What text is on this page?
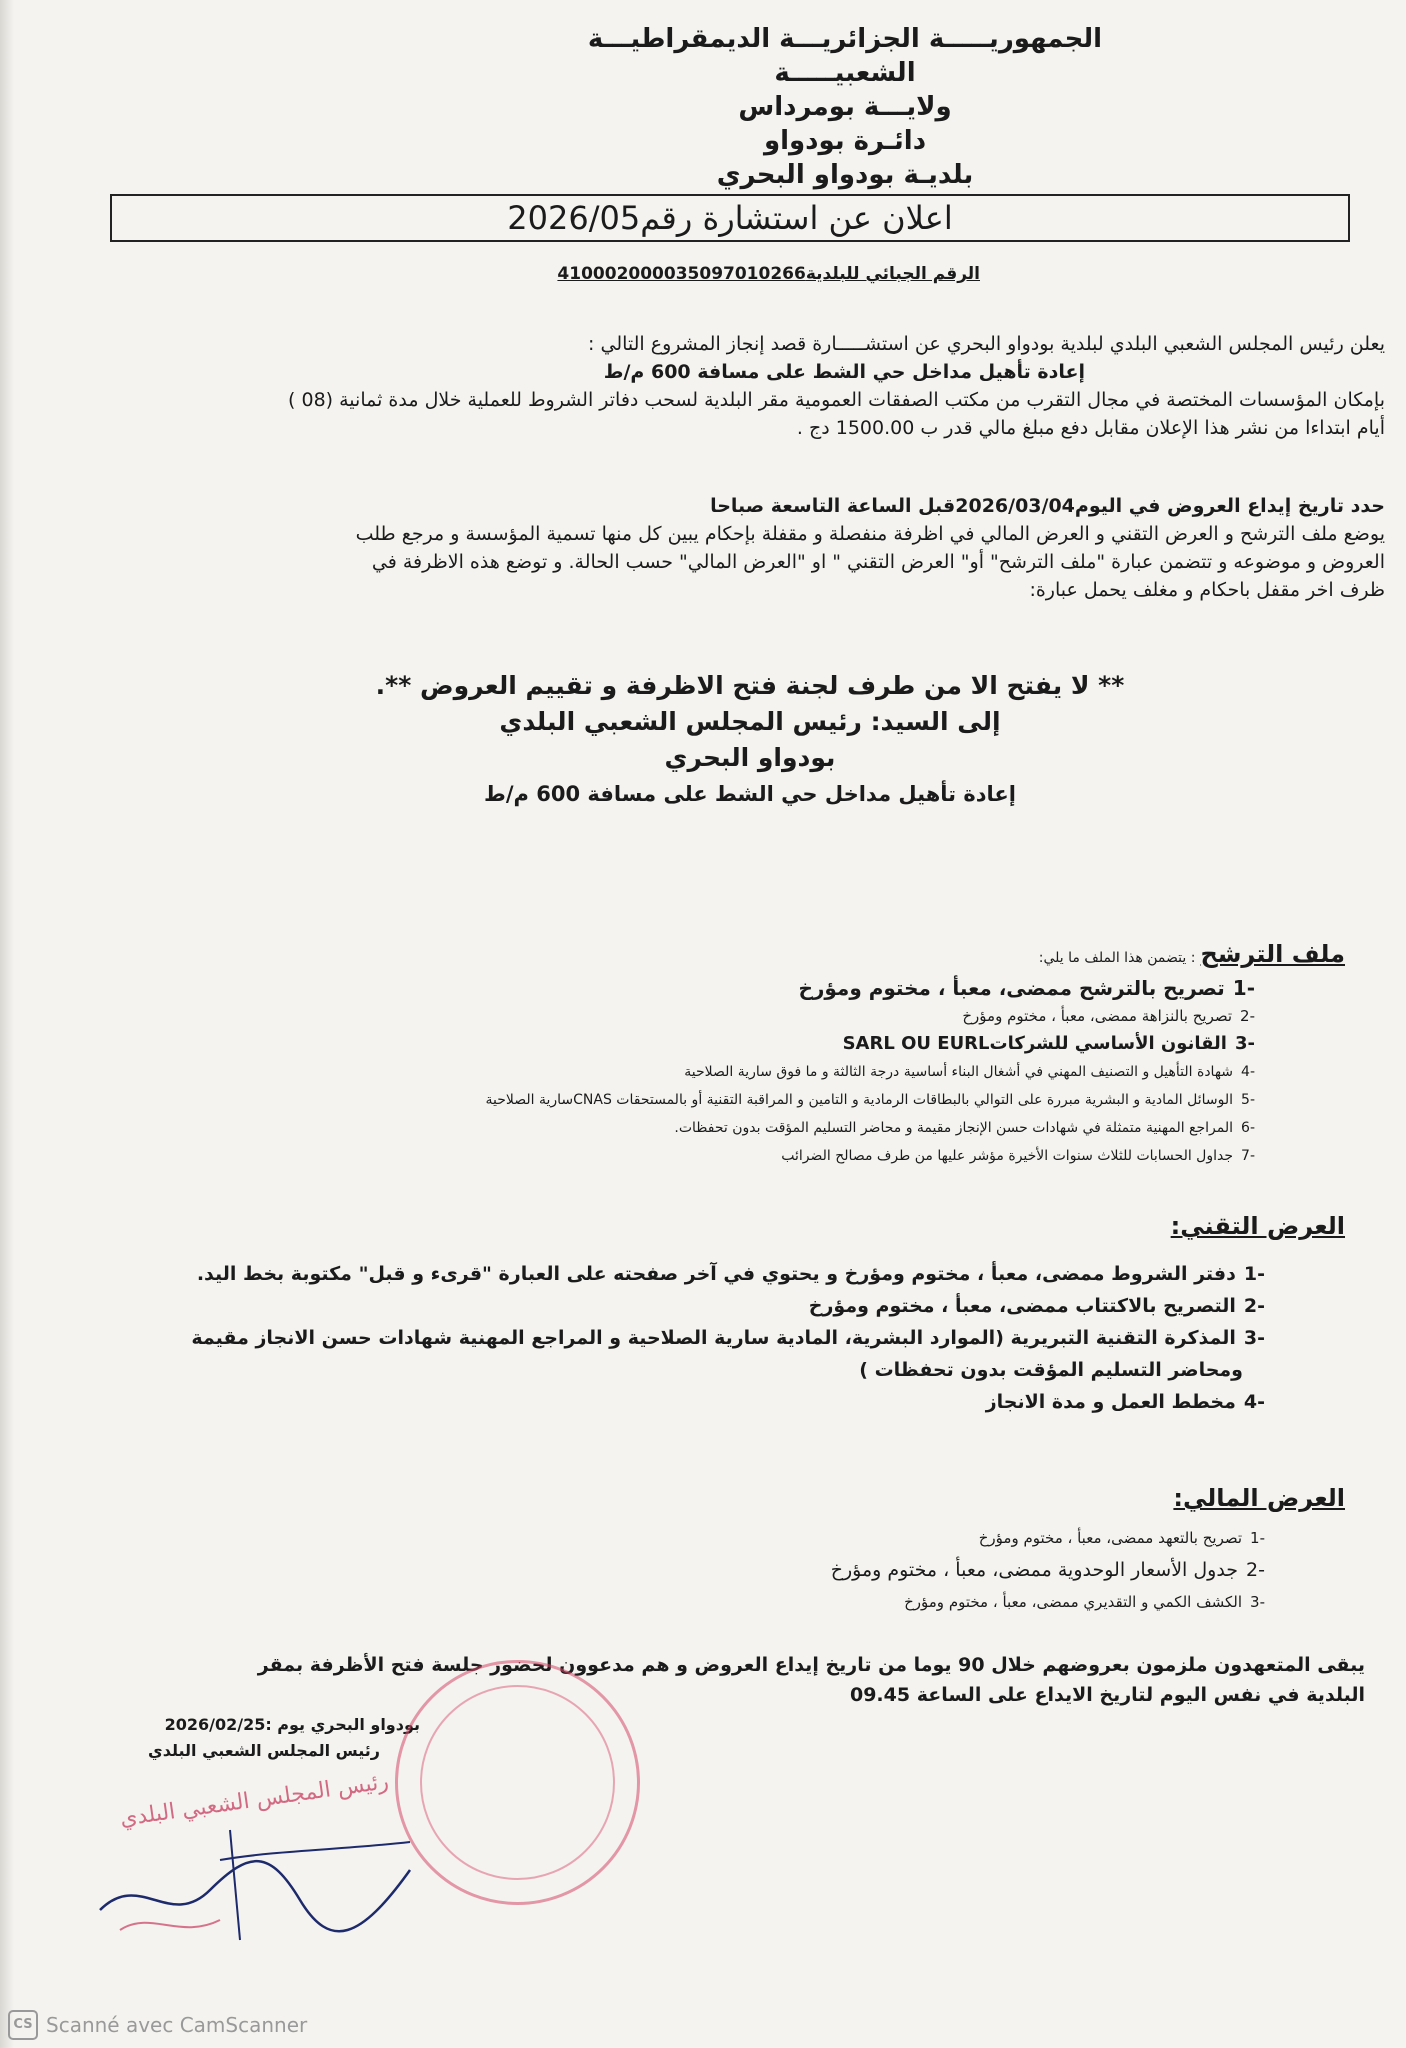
الجمهوريـــــة الجزائريـــة الديمقراطيـــة الشعبيـــــة
ولايـــة بومرداس
دائـرة بودواو
بلديـة بودواو البحري
اعلان عن استشارة رقم2026/05
الرقم الجبائي للبلدية410002000035097010266
يعلن رئيس المجلس الشعبي البلدي لبلدية بودواو البحري عن استشـــــارة قصد إنجاز المشروع التالي :
إعادة تأهيل مداخل حي الشط على مسافة 600 م/ط
بإمكان المؤسسات المختصة في مجال التقرب من مكتب الصفقات العمومية مقر البلدية لسحب دفاتر الشروط للعملية خلال مدة ثمانية (08 )
أيام ابتداءا من نشر هذا الإعلان مقابل دفع مبلغ مالي قدر ب 1500.00 دج .
حدد تاريخ إيداع العروض في اليوم2026/03/04قبل الساعة التاسعة صباحا
يوضع ملف الترشح و العرض التقني و العرض المالي في اظرفة منفصلة و مقفلة بإحكام يبين كل منها تسمية المؤسسة و مرجع طلب
العروض و موضوعه و تتضمن عبارة "ملف الترشح" أو" العرض التقني " او "العرض المالي" حسب الحالة. و توضع هذه الاظرفة في
ظرف اخر مقفل باحكام و مغلف يحمل عبارة:
** لا يفتح الا من طرف لجنة فتح الاظرفة و تقييم العروض **.
إلى السيد: رئيس المجلس الشعبي البلدي
بودواو البحري
إعادة تأهيل مداخل حي الشط على مسافة 600 م/ط
ملف الترشح : يتضمن هذا الملف ما يلي:
-1تصريح بالترشح ممضى، معبأ ، مختوم ومؤرخ
-2تصريح بالنزاهة ممضى، معبأ ، مختوم ومؤرخ
-3القانون الأساسي للشركاتSARL OU EURL
-4شهادة التأهيل و التصنيف المهني في أشغال البناء أساسية درجة الثالثة و ما فوق سارية الصلاحية
-5الوسائل المادية و البشرية مبررة على التوالي بالبطاقات الرمادية و التامين و المراقبة التقنية أو بالمستحقات CNASسارية الصلاحية
-6المراجع المهنية متمثلة في شهادات حسن الإنجاز مقيمة و محاضر التسليم المؤقت بدون تحفظات.
-7جداول الحسابات للثلاث سنوات الأخيرة مؤشر عليها من طرف مصالح الضرائب
العرض التقني:
-1دفتر الشروط ممضى، معبأ ، مختوم ومؤرخ و يحتوي في آخر صفحته على العبارة "قرىء و قبل" مكتوبة بخط اليد.
-2التصريح بالاكتتاب ممضى، معبأ ، مختوم ومؤرخ
-3المذكرة التقنية التبريرية (الموارد البشرية، المادية سارية الصلاحية و المراجع المهنية شهادات حسن الانجاز مقيمة
ومحاضر التسليم المؤقت بدون تحفظات )
-4مخطط العمل و مدة الانجاز
العرض المالي:
-1تصريح بالتعهد ممضى، معبأ ، مختوم ومؤرخ
-2جدول الأسعار الوحدوية ممضى، معبأ ، مختوم ومؤرخ
-3الكشف الكمي و التقديري ممضى، معبأ ، مختوم ومؤرخ
يبقى المتعهدون ملزمون بعروضهم خلال 90 يوما من تاريخ إيداع العروض و هم مدعوون لحضور جلسة فتح الأظرفة بمقر
البلدية في نفس اليوم لتاريخ الايداع على الساعة 09.45
بودواو البحري يوم :2026/02/25
رئيس المجلس الشعبي البلدي
رئيس المجلس الشعبي البلدي
CS Scanné avec CamScanner
